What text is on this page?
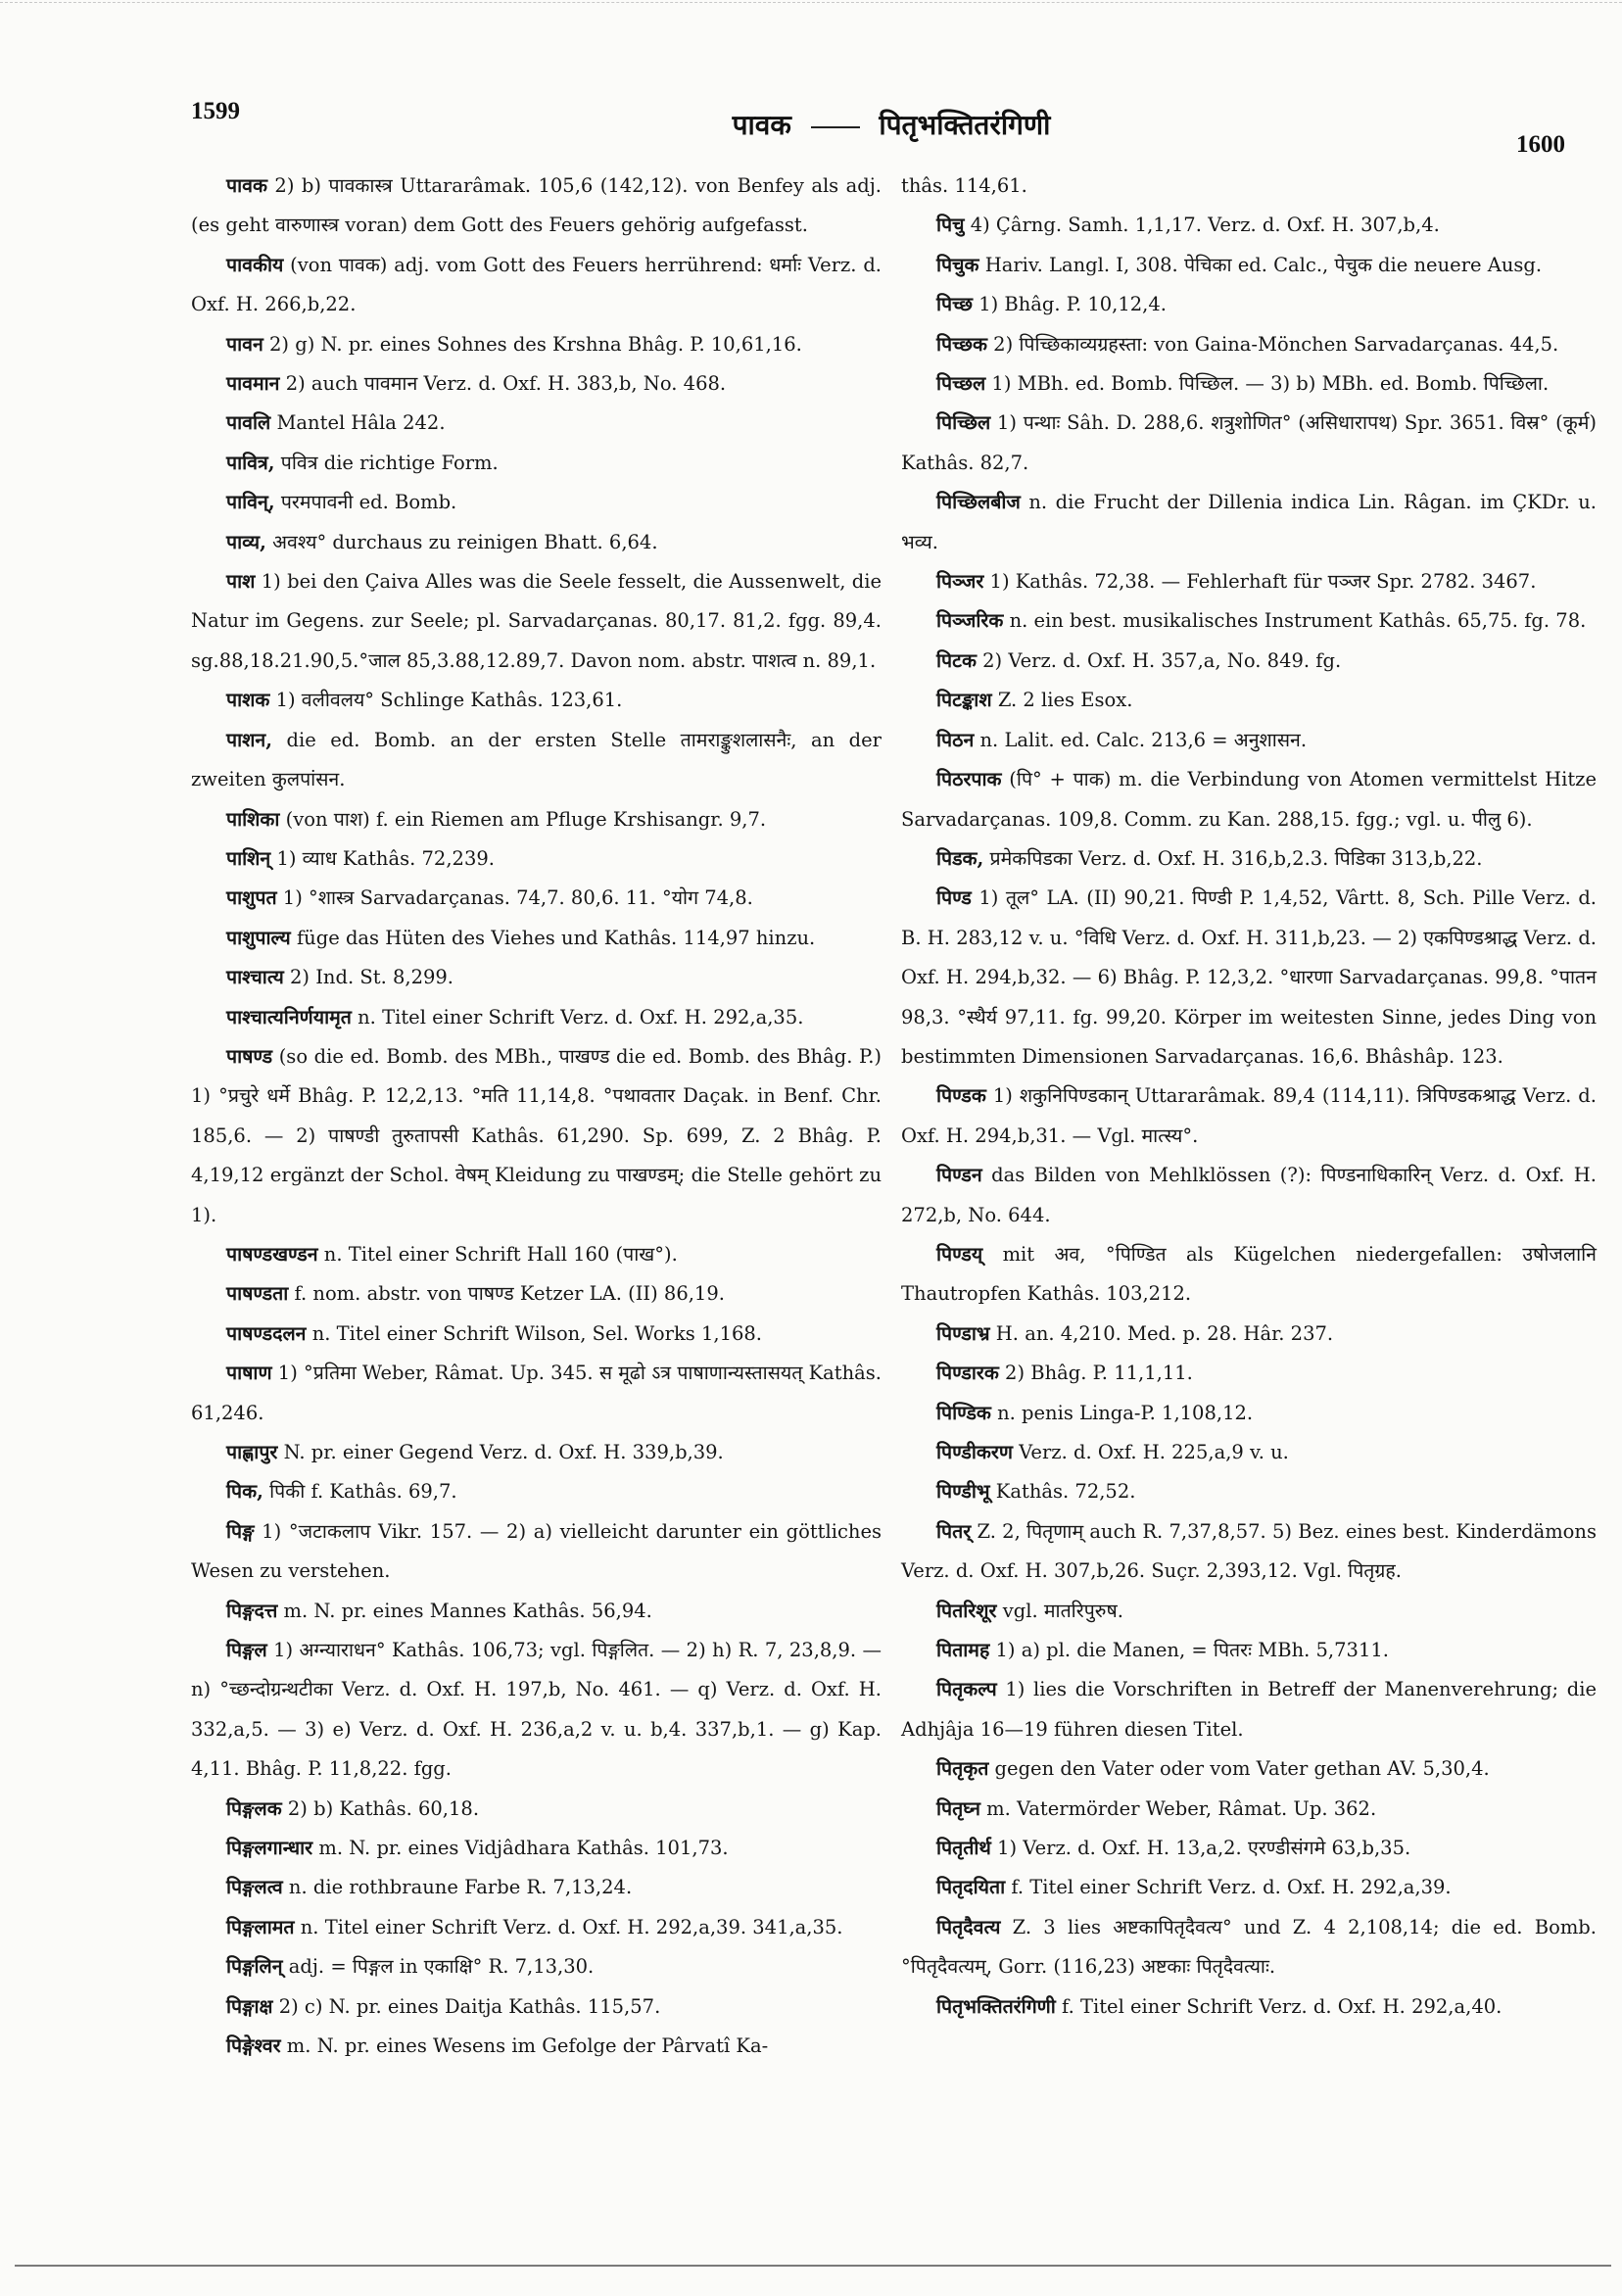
1599
1600
पावक	पितृभक्तितरंगिणी

पावक 2) b) पावकास्त्र Uttararâmak. 105,6 (142,12). von Benfey als adj. (es geht वारुणास्त्र voran) dem Gott des Feuers gehörig aufgefasst.

पावकीय (von पावक) adj. vom Gott des Feuers herrührend: धर्माः Verz. d. Oxf. H. 266,b,22.

पावन 2) g) N. pr. eines Sohnes des Krshna Bhâg. P. 10,61,16.

पावमान 2) auch पावमान Verz. d. Oxf. H. 383,b, No. 468.

पावलि Mantel Hâla 242.

पावित्र, पवित्र die richtige Form.

पाविन्, परमपावनी ed. Bomb.

पाव्य, अवश्य° durchaus zu reinigen Bhatt. 6,64.

पाश 1) bei den Çaiva Alles was die Seele fesselt, die Aussenwelt, die Natur im Gegens. zur Seele; pl. Sarvadarçanas. 80,17. 81,2. fgg. 89,4. sg.88,18.21.90,5.°जाल 85,3.88,12.89,7. Davon nom. abstr. पाशत्व n. 89,1.

पाशक 1) वलीवलय° Schlinge Kathâs. 123,61.

पाशन, die ed. Bomb. an der ersten Stelle तामराङ्कुशलासनैः, an der zweiten कुलपांसन.

पाशिका (von पाश) f. ein Riemen am Pfluge Krshisangr. 9,7.

पाशिन् 1) व्याध Kathâs. 72,239.

पाशुपत 1) °शास्त्र Sarvadarçanas. 74,7. 80,6. 11. °योग 74,8.

पाशुपाल्य füge das Hüten des Viehes und Kathâs. 114,97 hinzu.

पाश्चात्य 2) Ind. St. 8,299.

पाश्चात्यनिर्णयामृत n. Titel einer Schrift Verz. d. Oxf. H. 292,a,35.

पाषण्ड (so die ed. Bomb. des MBh., पाखण्ड die ed. Bomb. des Bhâg. P.) 1) °प्रचुरे धर्मे Bhâg. P. 12,2,13. °मति 11,14,8. °पथावतार Daçak. in Benf. Chr. 185,6. — 2) पाषण्डी तुरुतापसी Kathâs. 61,290. Sp. 699, Z. 2 Bhâg. P. 4,19,12 ergänzt der Schol. वेषम् Kleidung zu पाखण्डम्; die Stelle gehört zu 1).

पाषण्डखण्डन n. Titel einer Schrift Hall 160 (पाख°).

पाषण्डता f. nom. abstr. von पाषण्ड Ketzer LA. (II) 86,19.

पाषण्डदलन n. Titel einer Schrift Wilson, Sel. Works 1,168.

पाषाण 1) °प्रतिमा Weber, Râmat. Up. 345. स मूढो ऽत्र पाषाणान्यस्तासयत् Kathâs. 61,246.

पाह्णापुर N. pr. einer Gegend Verz. d. Oxf. H. 339,b,39.

पिक, पिकी f. Kathâs. 69,7.

पिङ्ग 1) °जटाकलाप Vikr. 157. — 2) a) vielleicht darunter ein göttliches Wesen zu verstehen.

पिङ्गदत्त m. N. pr. eines Mannes Kathâs. 56,94.

पिङ्गल 1) अग्न्याराधन° Kathâs. 106,73; vgl. पिङ्गलित. — 2) h) R. 7, 23,8,9. — n) °च्छन्दोग्रन्थटीका Verz. d. Oxf. H. 197,b, No. 461. — q) Verz. d. Oxf. H. 332,a,5. — 3) e) Verz. d. Oxf. H. 236,a,2 v. u. b,4. 337,b,1. — g) Kap. 4,11. Bhâg. P. 11,8,22. fgg.

पिङ्गलक 2) b) Kathâs. 60,18.

पिङ्गलगान्धार m. N. pr. eines Vidjâdhara Kathâs. 101,73.

पिङ्गलत्व n. die rothbraune Farbe R. 7,13,24.

पिङ्गलामत n. Titel einer Schrift Verz. d. Oxf. H. 292,a,39. 341,a,35.

पिङ्गलिन् adj. = पिङ्गल in एकाक्षि° R. 7,13,30.

पिङ्गाक्ष 2) c) N. pr. eines Daitja Kathâs. 115,57.

पिङ्गेश्वर m. N. pr. eines Wesens im Gefolge der Pârvatî Ka-

thâs. 114,61.

पिचु 4) Çârng. Samh. 1,1,17. Verz. d. Oxf. H. 307,b,4.

पिचुक Hariv. Langl. I, 308. पेचिका ed. Calc., पेचुक die neuere Ausg.

पिच्छ 1) Bhâg. P. 10,12,4.

पिच्छक 2) पिच्छिकाव्यग्रहस्ता: von Gaina-Mönchen Sarvadarçanas. 44,5.

पिच्छल 1) MBh. ed. Bomb. पिच्छिल. — 3) b) MBh. ed. Bomb. पिच्छिला.

पिच्छिल 1) पन्थाः Sâh. D. 288,6. शत्रुशोणित° (असिधारापथ) Spr. 3651. विस्र° (कूर्म) Kathâs. 82,7.

पिच्छिलबीज n. die Frucht der Dillenia indica Lin. Râgan. im ÇKDr. u. भव्य.

पिञ्जर 1) Kathâs. 72,38. — Fehlerhaft für पञ्जर Spr. 2782. 3467.

पिञ्जरिक n. ein best. musikalisches Instrument Kathâs. 65,75. fg. 78.

पिटक 2) Verz. d. Oxf. H. 357,a, No. 849. fg.

पिटङ्काश Z. 2 lies Esox.

पिठन n. Lalit. ed. Calc. 213,6 = अनुशासन.

पिठरपाक (पि° + पाक) m. die Verbindung von Atomen vermittelst Hitze Sarvadarçanas. 109,8. Comm. zu Kan. 288,15. fgg.; vgl. u. पीलु 6).

पिडक, प्रमेकपिडका Verz. d. Oxf. H. 316,b,2.3. पिडिका 313,b,22.

पिण्ड 1) तूल° LA. (II) 90,21. पिण्डी P. 1,4,52, Vârtt. 8, Sch. Pille Verz. d. B. H. 283,12 v. u. °विधि Verz. d. Oxf. H. 311,b,23. — 2) एकपिण्डश्राद्ध Verz. d. Oxf. H. 294,b,32. — 6) Bhâg. P. 12,3,2. °धारणा Sarvadarçanas. 99,8. °पातन 98,3. °स्थैर्य 97,11. fg. 99,20. Körper im weitesten Sinne, jedes Ding von bestimmten Dimensionen Sarvadarçanas. 16,6. Bhâshâp. 123.

पिण्डक 1) शकुनिपिण्डकान् Uttararâmak. 89,4 (114,11). त्रिपिण्डकश्राद्ध Verz. d. Oxf. H. 294,b,31. — Vgl. मात्स्य°.

पिण्डन das Bilden von Mehlklössen (?): पिण्डनाधिकारिन् Verz. d. Oxf. H. 272,b, No. 644.

पिण्डय् mit अव, °पिण्डित als Kügelchen niedergefallen: उषोजलानि Thautropfen Kathâs. 103,212.

पिण्डाभ्र H. an. 4,210. Med. p. 28. Hâr. 237.

पिण्डारक 2) Bhâg. P. 11,1,11.

पिण्डिक n. penis Linga-P. 1,108,12.

पिण्डीकरण Verz. d. Oxf. H. 225,a,9 v. u.

पिण्डीभू Kathâs. 72,52.

पितर् Z. 2, पितृणाम् auch R. 7,37,8,57. 5) Bez. eines best. Kinderdämons Verz. d. Oxf. H. 307,b,26. Suçr. 2,393,12. Vgl. पितृग्रह.

पितरिशूर vgl. मातरिपुरुष.

पितामह 1) a) pl. die Manen, = पितरः MBh. 5,7311.

पितृकल्प 1) lies die Vorschriften in Betreff der Manenverehrung; die Adhjâja 16—19 führen diesen Titel.

पितृकृत gegen den Vater oder vom Vater gethan AV. 5,30,4.

पितृघ्न m. Vatermörder Weber, Râmat. Up. 362.

पितृतीर्थ 1) Verz. d. Oxf. H. 13,a,2. एरण्डीसंगमे 63,b,35.

पितृदयिता f. Titel einer Schrift Verz. d. Oxf. H. 292,a,39.

पितृदैवत्य Z. 3 lies अष्टकापितृदैवत्य° und Z. 4 2,108,14; die ed. Bomb. °पितृदैवत्यम्, Gorr. (116,23) अष्टकाः पितृदैवत्याः.

पितृभक्तितरंगिणी f. Titel einer Schrift Verz. d. Oxf. H. 292,a,40.
